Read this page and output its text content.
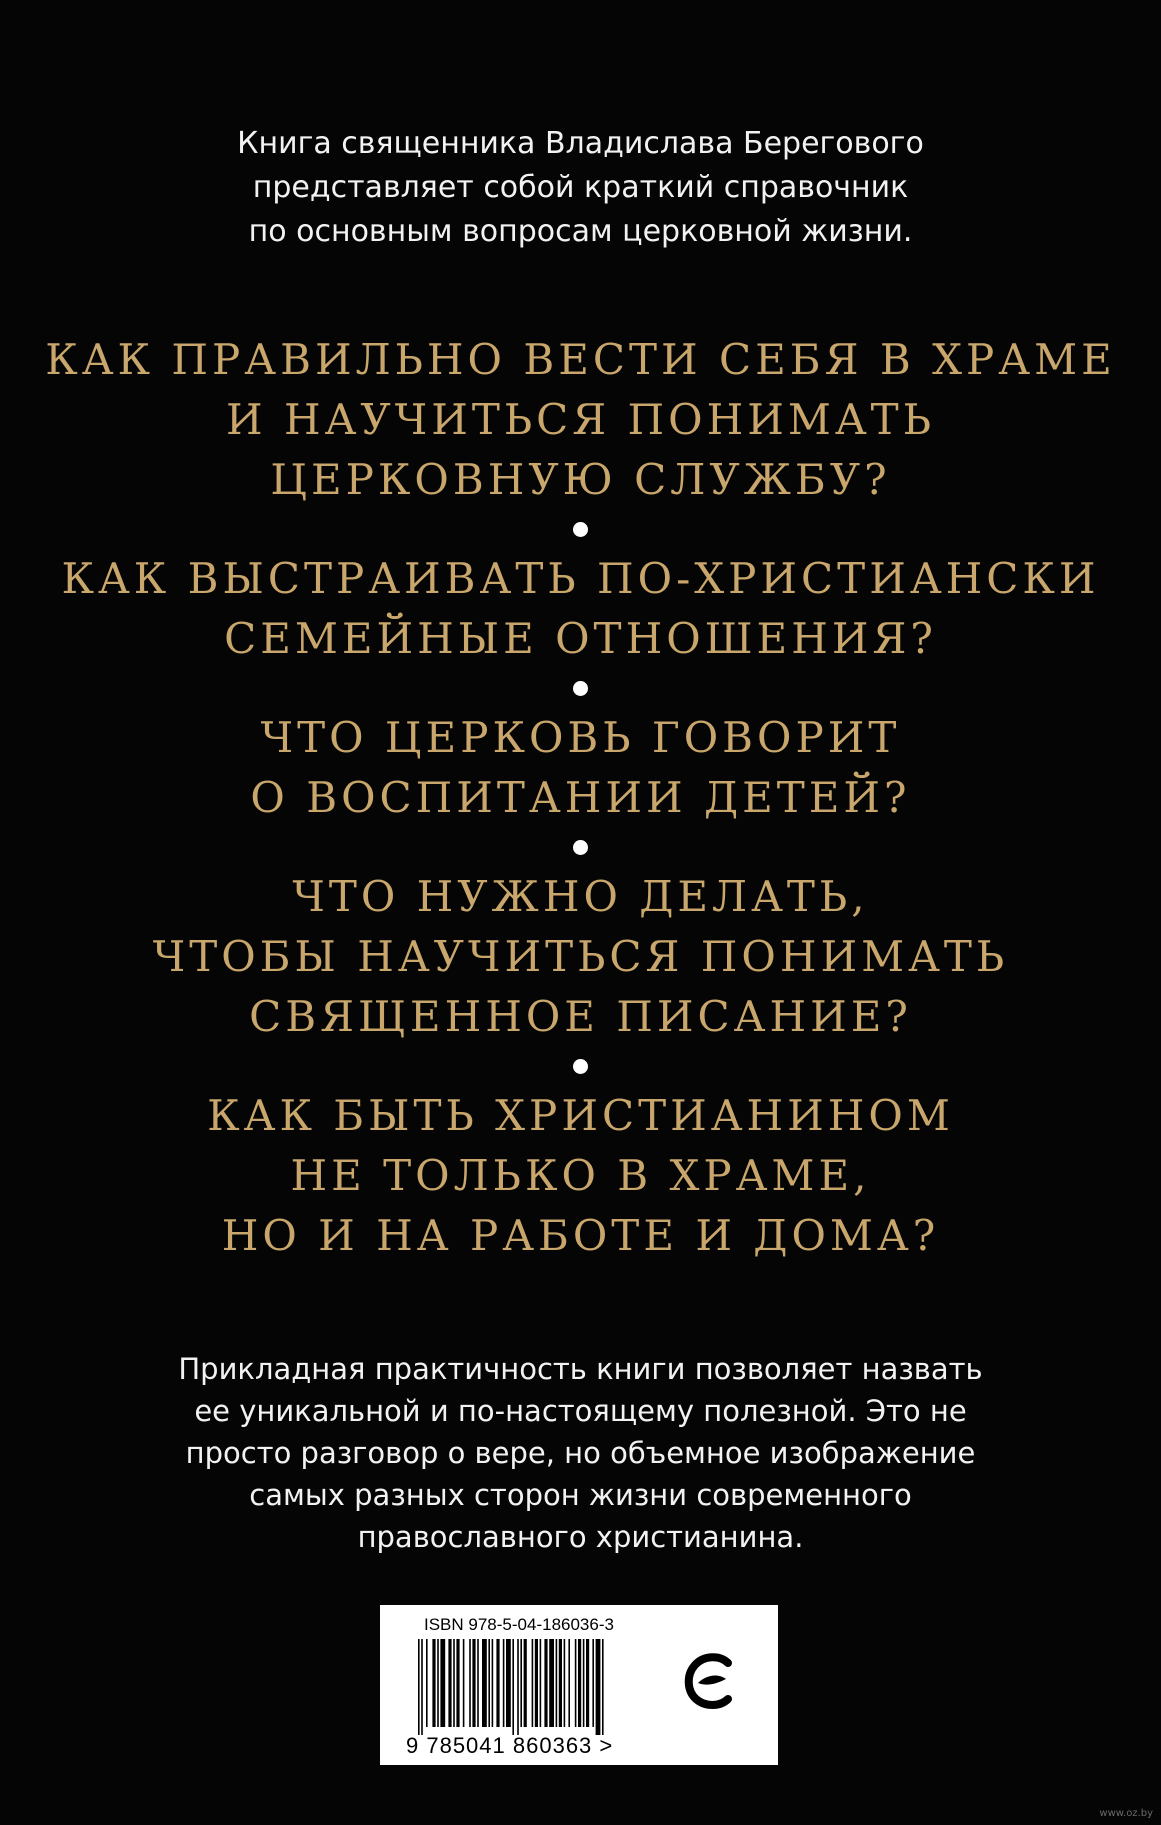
Книга священника Владислава Берегового
представляет собой краткий справочник
по основным вопросам церковной жизни.
КАК ПРАВИЛЬНО ВЕСТИ СЕБЯ В ХРАМЕ
И НАУЧИТЬСЯ ПОНИМАТЬ
ЦЕРКОВНУЮ СЛУЖБУ?
КАК ВЫСТРАИВАТЬ ПО-ХРИСТИАНСКИ
СЕМЕЙНЫЕ ОТНОШЕНИЯ?
ЧТО ЦЕРКОВЬ ГОВОРИТ
О ВОСПИТАНИИ ДЕТЕЙ?
ЧТО НУЖНО ДЕЛАТЬ,
ЧТОБЫ НАУЧИТЬСЯ ПОНИМАТЬ
СВЯЩЕННОЕ ПИСАНИЕ?
КАК БЫТЬ ХРИСТИАНИНОМ
НЕ ТОЛЬКО В ХРАМЕ,
НО И НА РАБОТЕ И ДОМА?
Прикладная практичность книги позволяет назвать
ее уникальной и по-настоящему полезной. Это не
просто разговор о вере, но объемное изображение
самых разных сторон жизни современного
православного христианина.
ISBN 978-5-04-186036-3
9 785041 860363 >
www.oz.by
